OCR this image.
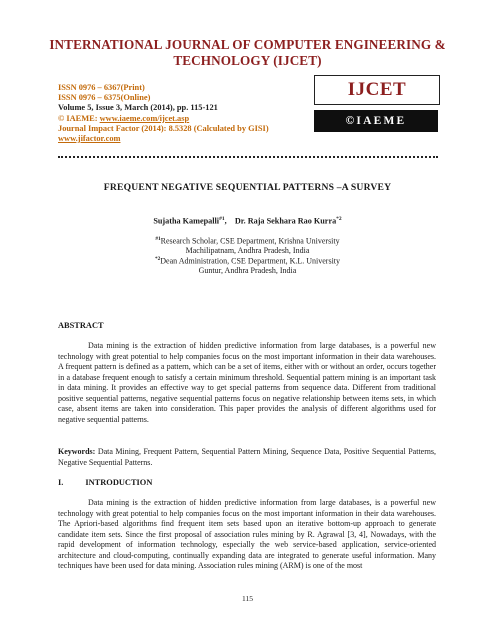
INTERNATIONAL JOURNAL OF COMPUTER ENGINEERING & TECHNOLOGY (IJCET)
ISSN 0976 – 6367(Print)
ISSN 0976 – 6375(Online)
Volume 5, Issue 3, March (2014), pp. 115-121
© IAEME: www.iaeme.com/ijcet.asp
Journal Impact Factor (2014): 8.5328 (Calculated by GISI)
www.jifactor.com
IJCET
©IAEME
FREQUENT NEGATIVE SEQUENTIAL PATTERNS –A SURVEY
Sujatha Kamepalli$^{\#1}$, Dr. Raja Sekhara Rao Kurra$^{*2}$
$^{\#1}$Research Scholar, CSE Department, Krishna University
Machilipatnam, Andhra Pradesh, India
$^{*2}$Dean Administration, CSE Department, K.L. University
Guntur, Andhra Pradesh, India
ABSTRACT

Data mining is the extraction of hidden predictive information from large databases, is a powerful new technology with great potential to help companies focus on the most important information in their data warehouses. A frequent pattern is defined as a pattern, which can be a set of items, either with or without an order, occurs together in a database frequent enough to satisfy a certain minimum threshold. Sequential pattern mining is an important task in data mining. It provides an effective way to get special patterns from sequence data. Different from traditional positive sequential patterns, negative sequential patterns focus on negative relationship between items sets, in which case, absent items are taken into consideration. This paper provides the analysis of different algorithms used for negative sequential patterns.

Keywords: Data Mining, Frequent Pattern, Sequential Pattern Mining, Sequence Data, Positive Sequential Patterns, Negative Sequential Patterns.

I.	INTRODUCTION

Data mining is the extraction of hidden predictive information from large databases, is a powerful new technology with great potential to help companies focus on the most important information in their data warehouses. The Apriori-based algorithms find frequent item sets based upon an iterative bottom-up approach to generate candidate item sets. Since the first proposal of association rules mining by R. Agrawal [3, 4], Nowadays, with the rapid development of information technology, especially the web service-based application, service-oriented architecture and cloud-computing, continually expanding data are integrated to generate useful information. Many techniques have been used for data mining. Association rules mining (ARM) is one of the most

115
